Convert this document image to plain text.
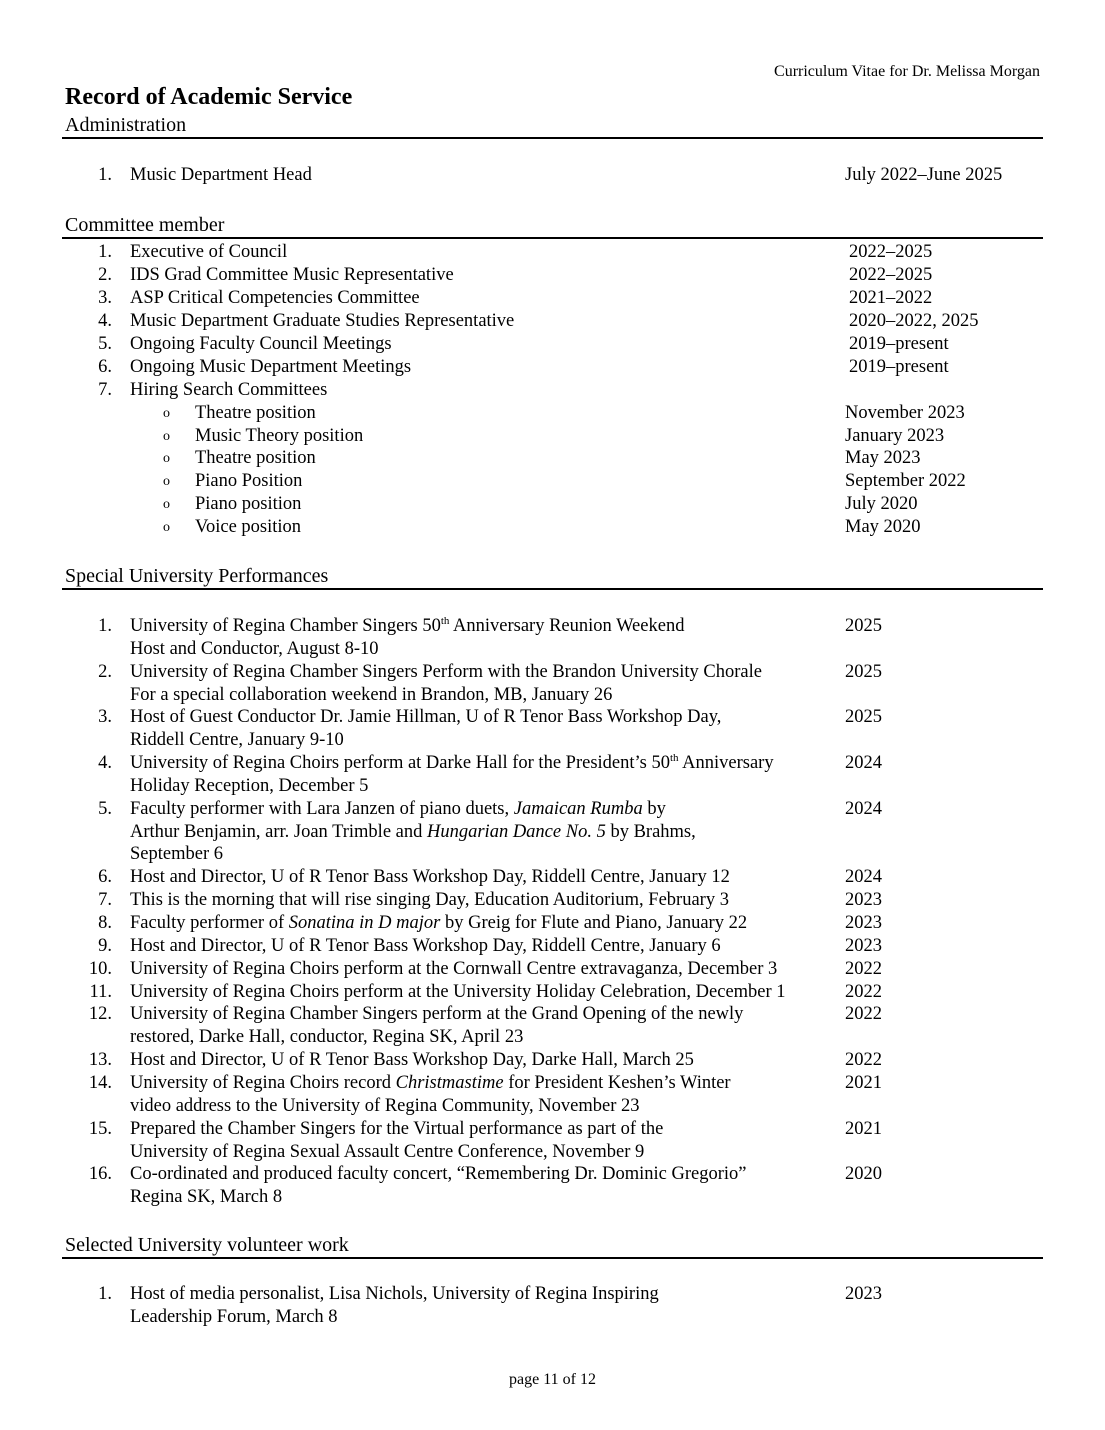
Curriculum Vitae for Dr. Melissa Morgan
Record of Academic Service
Administration
1. Music Department Head	July 2022–June 2025
Committee member
1. Executive of Council	2022–2025
2. IDS Grad Committee Music Representative	2022–2025
3. ASP Critical Competencies Committee	2021–2022
4. Music Department Graduate Studies Representative	2020–2022, 2025
5. Ongoing Faculty Council Meetings	2019–present
6. Ongoing Music Department Meetings	2019–present
7. Hiring Search Committees
o Theatre position	November 2023
o Music Theory position	January 2023
o Theatre position	May 2023
o Piano Position	September 2022
o Piano position	July 2020
o Voice position	May 2020
Special University Performances
1. University of Regina Chamber Singers 50th Anniversary Reunion Weekend
Host and Conductor, August 8-10
2025
2. University of Regina Chamber Singers Perform with the Brandon University Chorale
For a special collaboration weekend in Brandon, MB, January 26
2025
3. Host of Guest Conductor Dr. Jamie Hillman, U of R Tenor Bass Workshop Day,
Riddell Centre, January 9-10
2025
4. University of Regina Choirs perform at Darke Hall for the President’s 50th Anniversary
Holiday Reception, December 5
2024
5. Faculty performer with Lara Janzen of piano duets, Jamaican Rumba by
Arthur Benjamin, arr. Joan Trimble and Hungarian Dance No. 5 by Brahms,
September 6
2024
6. Host and Director, U of R Tenor Bass Workshop Day, Riddell Centre, January 12	2024
7. This is the morning that will rise singing Day, Education Auditorium, February 3	2023
8. Faculty performer of Sonatina in D major by Greig for Flute and Piano, January 22	2023
9. Host and Director, U of R Tenor Bass Workshop Day, Riddell Centre, January 6	2023
10. University of Regina Choirs perform at the Cornwall Centre extravaganza, December 3	2022
11. University of Regina Choirs perform at the University Holiday Celebration, December 1	2022
12. University of Regina Chamber Singers perform at the Grand Opening of the newly
restored, Darke Hall, conductor, Regina SK, April 23
2022
13. Host and Director, U of R Tenor Bass Workshop Day, Darke Hall, March 25	2022
14. University of Regina Choirs record Christmastime for President Keshen’s Winter
video address to the University of Regina Community, November 23
2021
15. Prepared the Chamber Singers for the Virtual performance as part of the
University of Regina Sexual Assault Centre Conference, November 9
2021
16. Co-ordinated and produced faculty concert, “Remembering Dr. Dominic Gregorio”
Regina SK, March 8
2020
Selected University volunteer work
1. Host of media personalist, Lisa Nichols, University of Regina Inspiring
Leadership Forum, March 8
2023
page 11 of 12
